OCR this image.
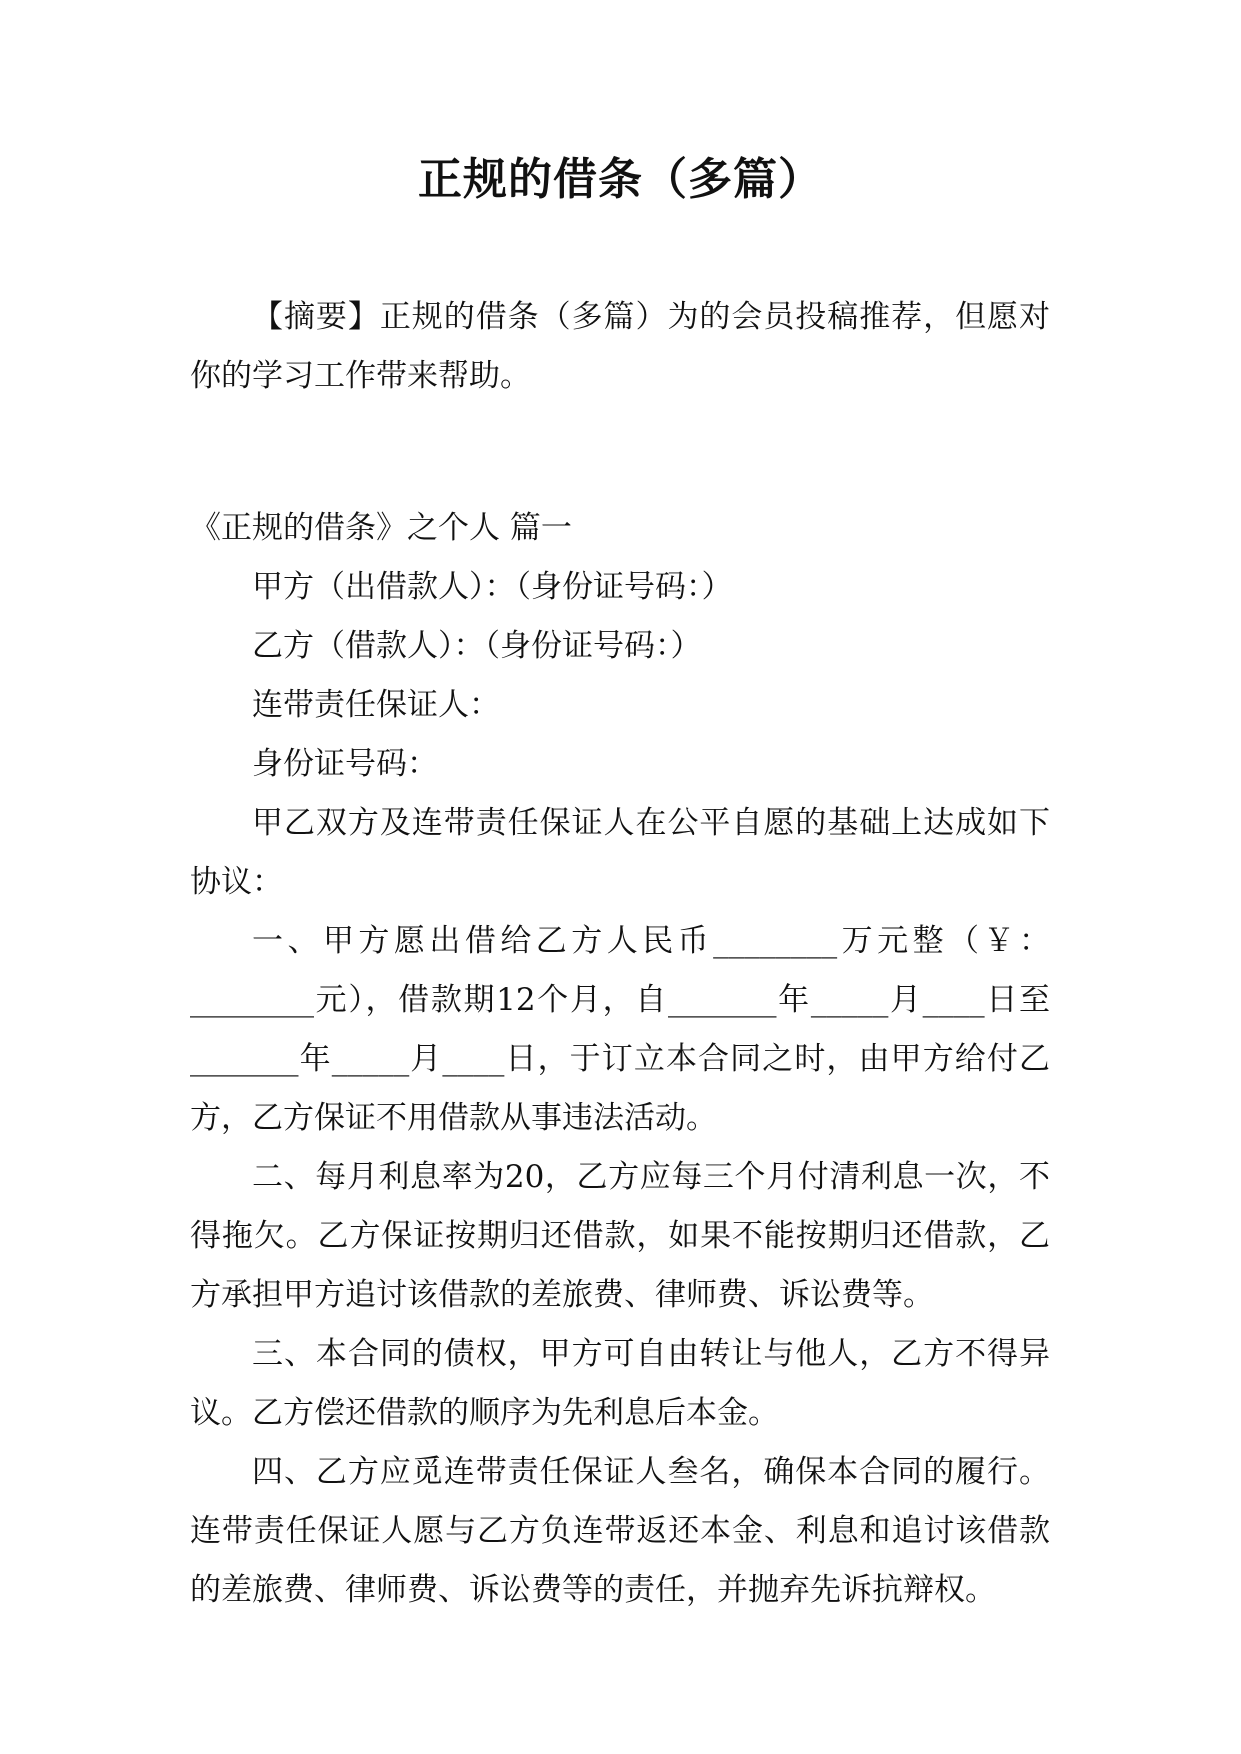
正规的借条（多篇）

【摘要】正规的借条（多篇）为的会员投稿推荐，但愿对你的学习工作带来帮助。

《正规的借条》之个人 篇一

甲方（出借款人）：（身份证号码：）

乙方（借款人）：（身份证号码：）

连带责任保证人：

身份证号码：

甲乙双方及连带责任保证人在公平自愿的基础上达成如下协议：

一、甲方愿出借给乙方人民币________万元整（￥：________元），借款期12个月，自_______年_____月____日至_______年_____月____日，于订立本合同之时，由甲方给付乙方，乙方保证不用借款从事违法活动。

二、每月利息率为20，乙方应每三个月付清利息一次，不得拖欠。乙方保证按期归还借款，如果不能按期归还借款，乙方承担甲方追讨该借款的差旅费、律师费、诉讼费等。

三、本合同的债权，甲方可自由转让与他人，乙方不得异议。乙方偿还借款的顺序为先利息后本金。

四、乙方应觅连带责任保证人叁名，确保本合同的履行。连带责任保证人愿与乙方负连带返还本金、利息和追讨该借款的差旅费、律师费、诉讼费等的责任，并抛弃先诉抗辩权。
